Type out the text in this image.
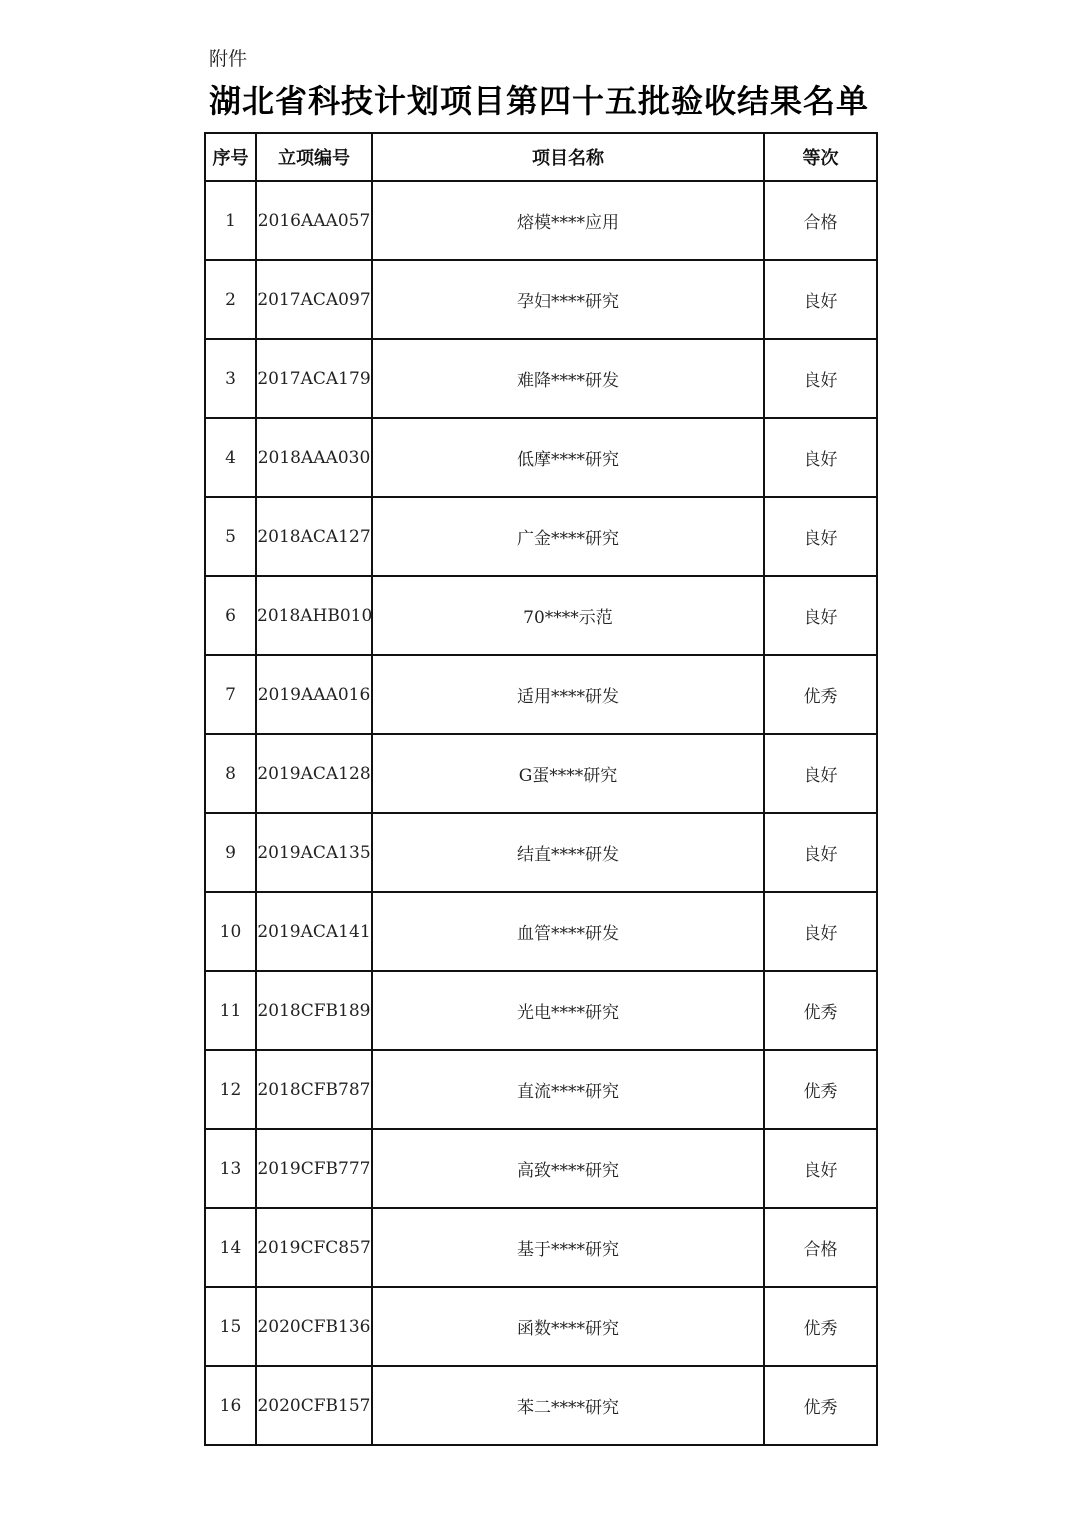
附件
湖北省科技计划项目第四十五批验收结果名单
序号	立项编号	项目名称	等次
1	2016AAA057	熔模****应用	合格
2	2017ACA097	孕妇****研究	良好
3	2017ACA179	难降****研发	良好
4	2018AAA030	低摩****研究	良好
5	2018ACA127	广金****研究	良好
6	2018AHB010	70****示范	良好
7	2019AAA016	适用****研发	优秀
8	2019ACA128	G蛋****研究	良好
9	2019ACA135	结直****研发	良好
10	2019ACA141	血管****研发	良好
11	2018CFB189	光电****研究	优秀
12	2018CFB787	直流****研究	优秀
13	2019CFB777	高致****研究	良好
14	2019CFC857	基于****研究	合格
15	2020CFB136	函数****研究	优秀
16	2020CFB157	苯二****研究	优秀
